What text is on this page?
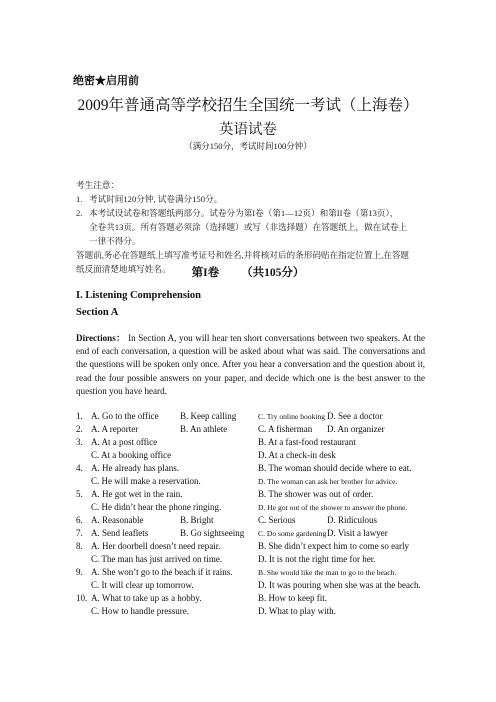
绝密★启用前
2009年普通高等学校招生全国统一考试（上海卷）
英语试卷
（满分150分，考试时间100分钟）
考生注意：
1. 考试时间120分钟, 试卷满分150分。
2. 本考试设试卷和答题纸两部分。试卷分为第I卷（第1—12页）和第II卷（第13页），
全卷共13页。所有答题必须涂（选择题）或写（非选择题）在答题纸上，做在试卷上
一律不得分。
答题前,务必在答题纸上填写准考证号和姓名,并将核对后的条形码贴在指定位置上,在答题
纸反面清楚地填写姓名。	第I卷 （共105分）
I. Listening Comprehension
Section A
Directions： In Section A, you will hear ten short conversations between two speakers. At the end of each conversation, a question will be asked about what was said. The conversations and the questions will be spoken only once. After you hear a conversation and the question about it, read the four possible answers on your paper, and decide which one is the best answer to the question you have heard.
1. A. Go to the office B. Keep calling	C. Try online booking D. See a doctor
2. A. A reporter	B. An athlete	C. A fisherman D. An organizer
3. A. At a post office	B. At a fast-food restaurant
C. At a booking office	D. At a check-in desk
4. A. He already has plans.	B. The woman should decide where to eat.
C. He will make a reservation.	D. The woman can ask her brother for advice.
5. A. He got wet in the rain.	B. The shower was out of order.
C. He didn’t hear the phone ringing.	D. He got out of the shower to answer the phone.
6. A. Reasonable	B. Bright	C. Serious	D. Ridiculous
7. A. Send leaflets	B. Go sightseeing C. Do some gardening D. Visit a lawyer
8. A. Her doorbell doesn’t need repair.	B. She didn’t expect him to come so early
C. The man has just arrived on time.	D. It is not the right time for her.
9. A. She won’t go to the beach if it rains.	B. She would like the man to go to the beach.
C. It will clear up tomorrow.	D. It was pouring when she was at the beach.
10. A. What to take up as a hobby.	B. How to keep fit.
C. How to handle pressure.	D. What to play with.
